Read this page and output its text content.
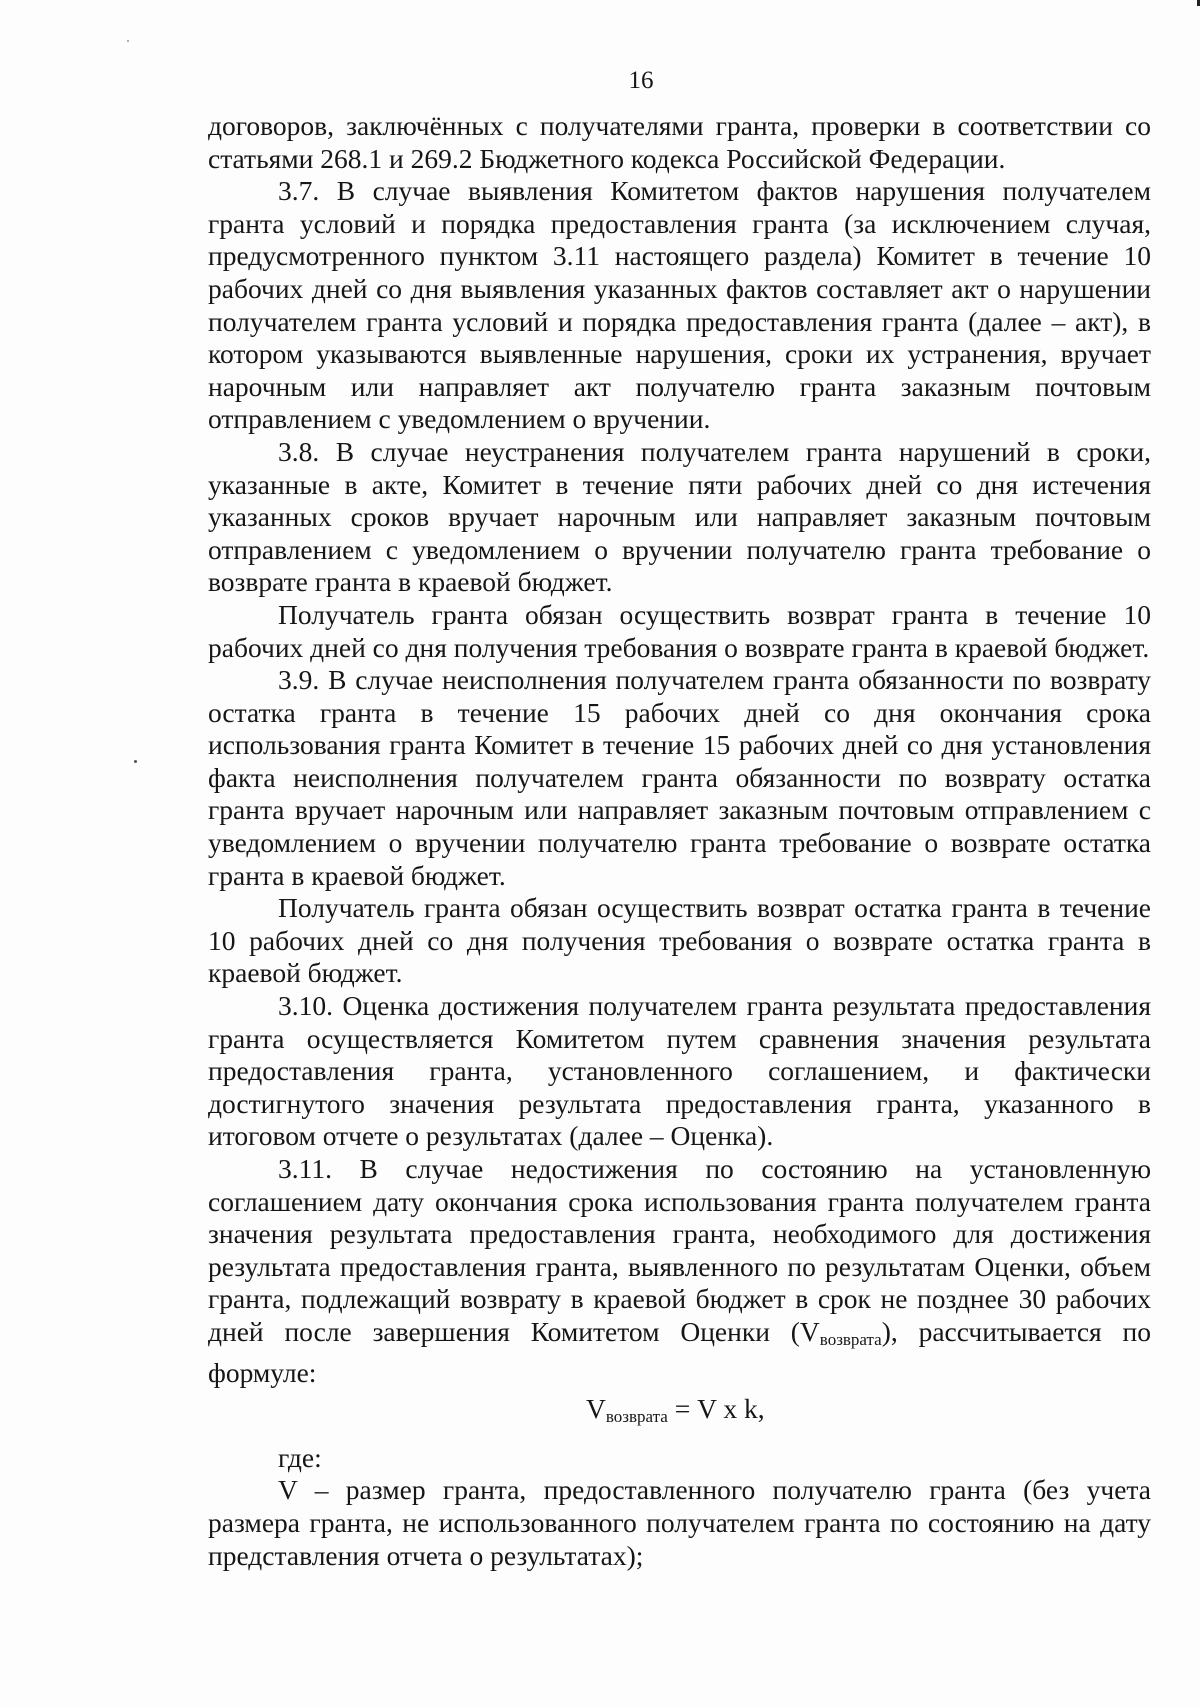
16

договоров, заключённых с получателями гранта, проверки в соответствии со статьями 268.1 и 269.2 Бюджетного кодекса Российской Федерации.

3.7. В случае выявления Комитетом фактов нарушения получателем гранта условий и порядка предоставления гранта (за исключением случая, предусмотренного пунктом 3.11 настоящего раздела) Комитет в течение 10 рабочих дней со дня выявления указанных фактов составляет акт о нарушении получателем гранта условий и порядка предоставления гранта (далее – акт), в котором указываются выявленные нарушения, сроки их устранения, вручает нарочным или направляет акт получателю гранта заказным почтовым отправлением с уведомлением о вручении.

3.8. В случае неустранения получателем гранта нарушений в сроки, указанные в акте, Комитет в течение пяти рабочих дней со дня истечения указанных сроков вручает нарочным или направляет заказным почтовым отправлением с уведомлением о вручении получателю гранта требование о возврате гранта в краевой бюджет.

Получатель гранта обязан осуществить возврат гранта в течение 10 рабочих дней со дня получения требования о возврате гранта в краевой бюджет.

3.9. В случае неисполнения получателем гранта обязанности по возврату остатка гранта в течение 15 рабочих дней со дня окончания срока использования гранта Комитет в течение 15 рабочих дней со дня установления факта неисполнения получателем гранта обязанности по возврату остатка гранта вручает нарочным или направляет заказным почтовым отправлением с уведомлением о вручении получателю гранта требование о возврате остатка гранта в краевой бюджет.

Получатель гранта обязан осуществить возврат остатка гранта в течение 10 рабочих дней со дня получения требования о возврате остатка гранта в краевой бюджет.

3.10. Оценка достижения получателем гранта результата предоставления гранта осуществляется Комитетом путем сравнения значения результата предоставления гранта, установленного соглашением, и фактически достигнутого значения результата предоставления гранта, указанного в итоговом отчете о результатах (далее – Оценка).

3.11. В случае недостижения по состоянию на установленную соглашением дату окончания срока использования гранта получателем гранта значения результата предоставления гранта, необходимого для достижения результата предоставления гранта, выявленного по результатам Оценки, объем гранта, подлежащий возврату в краевой бюджет в срок не позднее 30 рабочих дней после завершения Комитетом Оценки $(V_{возврата})$, рассчитывается по формуле:

$V_{возврата} = V$ x k,

где:

V – размер гранта, предоставленного получателю гранта (без учета размера гранта, не использованного получателем гранта по состоянию на дату представления отчета о результатах);
